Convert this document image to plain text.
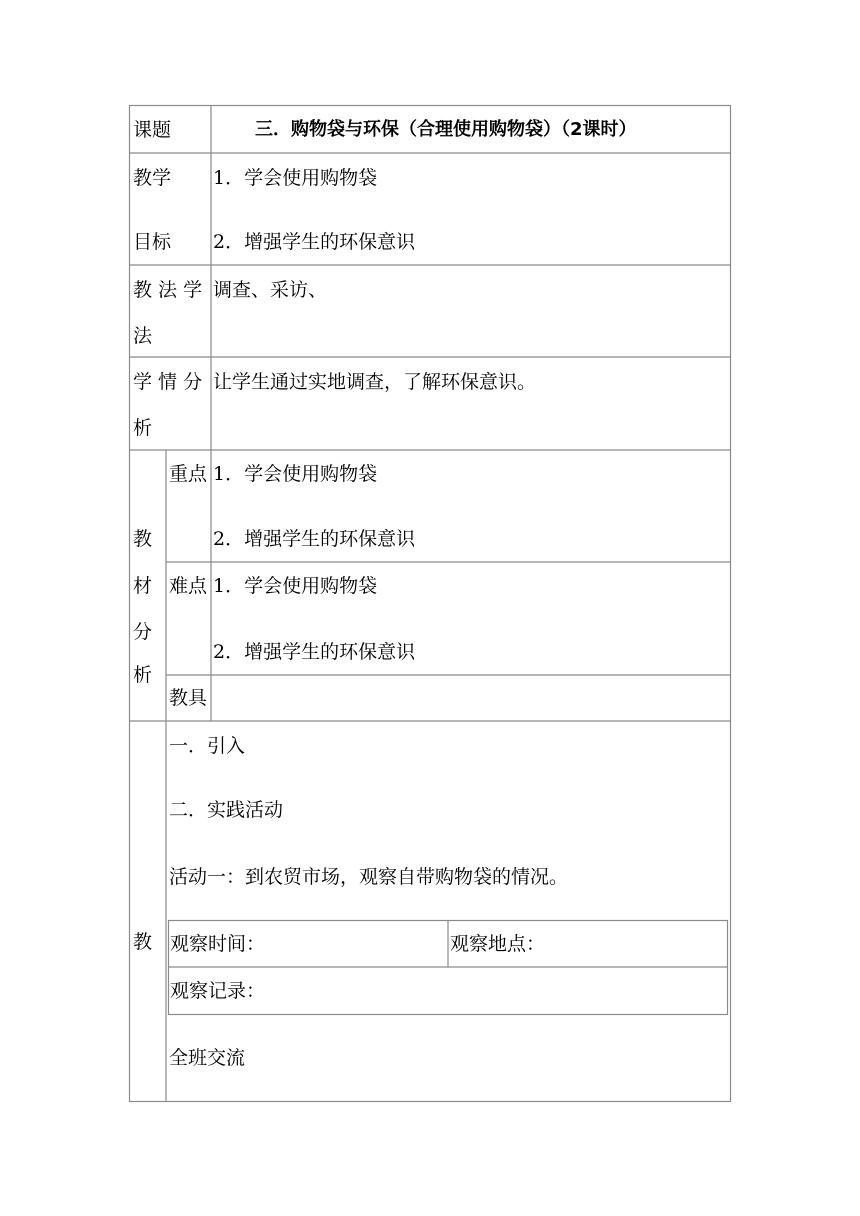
课题	三．购物袋与环保（合理使用购物袋）（2课时）
教学
目标
1．学会使用购物袋
2．增强学生的环保意识
教 法 学
法
调查、采访、
学 情 分
析
让学生通过实地调查，了解环保意识。
教
材
分
析
重点 1．学会使用购物袋
2．增强学生的环保意识
难点 1．学会使用购物袋
2．增强学生的环保意识
教具
教
一．引入
二．实践活动
活动一：到农贸市场，观察自带购物袋的情况。
观察时间：	观察地点：
观察记录：
全班交流
